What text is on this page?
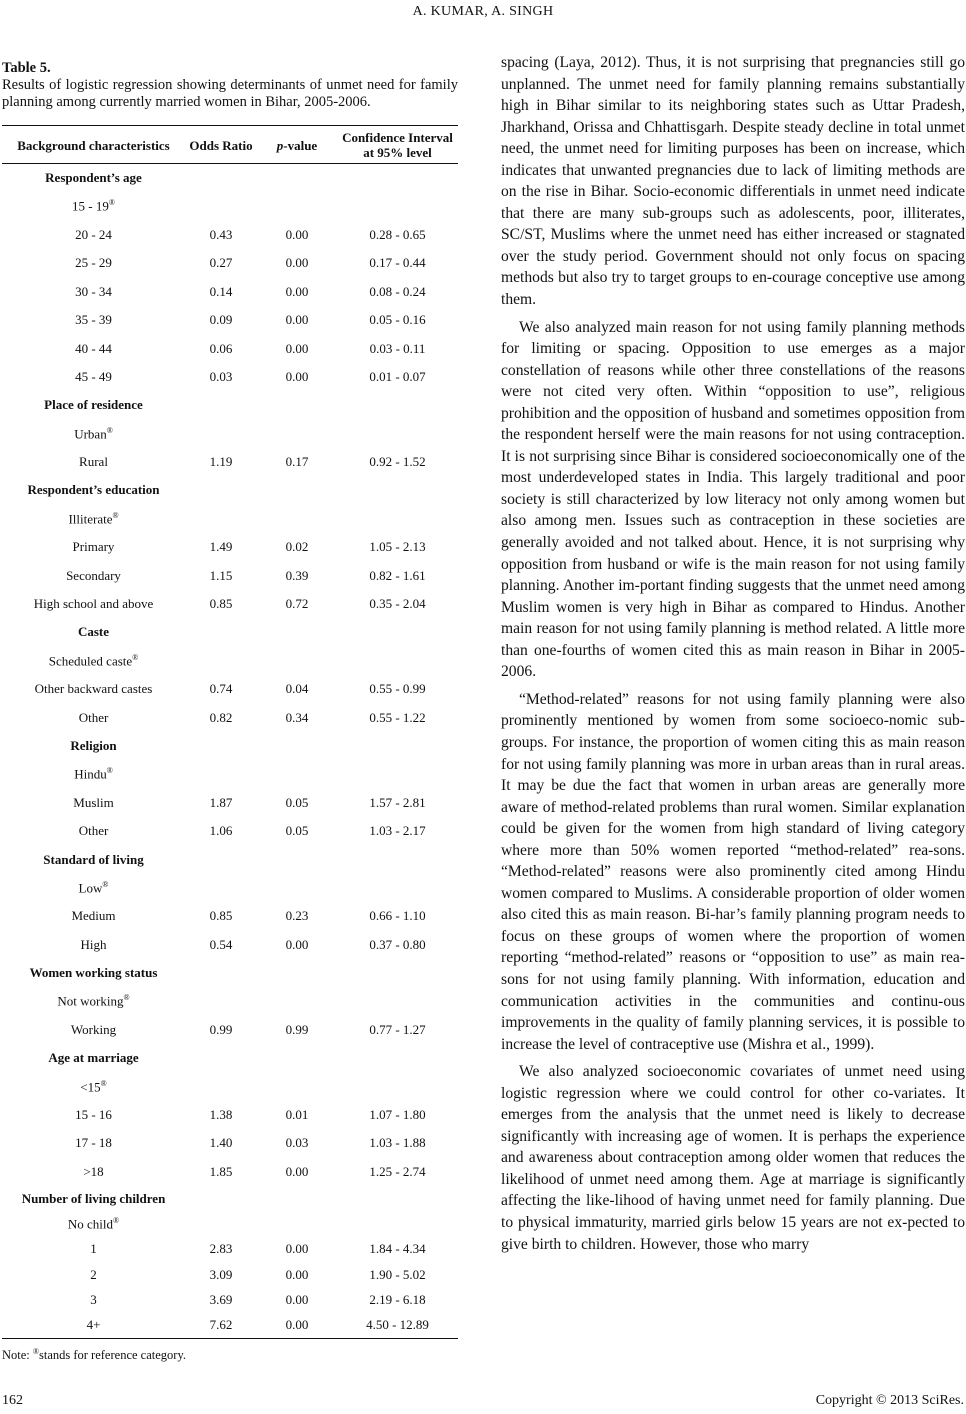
A. KUMAR, A. SINGH
Table 5.
Results of logistic regression showing determinants of unmet need for family planning among currently married women in Bihar, 2005-2006.
Background characteristics	Odds Ratio	p-value	Confidence Interval at 95% level
Respondent’s age			
15 - 19®			
20 - 24	0.43	0.00	0.28 - 0.65
25 - 29	0.27	0.00	0.17 - 0.44
30 - 34	0.14	0.00	0.08 - 0.24
35 - 39	0.09	0.00	0.05 - 0.16
40 - 44	0.06	0.00	0.03 - 0.11
45 - 49	0.03	0.00	0.01 - 0.07
Place of residence			
Urban®			
Rural	1.19	0.17	0.92 - 1.52
Respondent’s education			
Illiterate®			
Primary	1.49	0.02	1.05 - 2.13
Secondary	1.15	0.39	0.82 - 1.61
High school and above	0.85	0.72	0.35 - 2.04
Caste			
Scheduled caste®			
Other backward castes	0.74	0.04	0.55 - 0.99
Other	0.82	0.34	0.55 - 1.22
Religion			
Hindu®			
Muslim	1.87	0.05	1.57 - 2.81
Other	1.06	0.05	1.03 - 2.17
Standard of living			
Low®			
Medium	0.85	0.23	0.66 - 1.10
High	0.54	0.00	0.37 - 0.80
Women working status			
Not working®			
Working	0.99	0.99	0.77 - 1.27
Age at marriage			
<15®			
15 - 16	1.38	0.01	1.07 - 1.80
17 - 18	1.40	0.03	1.03 - 1.88
>18	1.85	0.00	1.25 - 2.74
Number of living children			
No child®			
1	2.83	0.00	1.84 - 4.34
2	3.09	0.00	1.90 - 5.02
3	3.69	0.00	2.19 - 6.18
4+	7.62	0.00	4.50 - 12.89
Note: ®stands for reference category.

spacing (Laya, 2012). Thus, it is not surprising that pregnancies still go unplanned. The unmet need for family planning remains substantially high in Bihar similar to its neighboring states such as Uttar Pradesh, Jharkhand, Orissa and Chhattisgarh. Despite steady decline in total unmet need, the unmet need for limiting purposes has been on increase, which indicates that unwanted pregnancies due to lack of limiting methods are on the rise in Bihar. Socio-economic differentials in unmet need indicate that there are many sub-groups such as adolescents, poor, illiterates, SC/ST, Muslims where the unmet need has either increased or stagnated over the study period. Government should not only focus on spacing methods but also try to target groups to en-courage conceptive use among them.

We also analyzed main reason for not using family planning methods for limiting or spacing. Opposition to use emerges as a major constellation of reasons while other three constellations of the reasons were not cited very often. Within “opposition to use”, religious prohibition and the opposition of husband and sometimes opposition from the respondent herself were the main reasons for not using contraception. It is not surprising since Bihar is considered socioeconomically one of the most underdeveloped states in India. This largely traditional and poor society is still characterized by low literacy not only among women but also among men. Issues such as contraception in these societies are generally avoided and not talked about. Hence, it is not surprising why opposition from husband or wife is the main reason for not using family planning. Another im-portant finding suggests that the unmet need among Muslim women is very high in Bihar as compared to Hindus. Another main reason for not using family planning is method related. A little more than one-fourths of women cited this as main reason in Bihar in 2005-2006.

“Method-related” reasons for not using family planning were also prominently mentioned by women from some socioeco-nomic sub-groups. For instance, the proportion of women citing this as main reason for not using family planning was more in urban areas than in rural areas. It may be due the fact that women in urban areas are generally more aware of method-related problems than rural women. Similar explanation could be given for the women from high standard of living category where more than 50% women reported “method-related” rea-sons. “Method-related” reasons were also prominently cited among Hindu women compared to Muslims. A considerable proportion of older women also cited this as main reason. Bi-har’s family planning program needs to focus on these groups of women where the proportion of women reporting “method-related” reasons or “opposition to use” as main rea-sons for not using family planning. With information, education and communication activities in the communities and continu-ous improvements in the quality of family planning services, it is possible to increase the level of contraceptive use (Mishra et al., 1999).

We also analyzed socioeconomic covariates of unmet need using logistic regression where we could control for other co-variates. It emerges from the analysis that the unmet need is likely to decrease significantly with increasing age of women. It is perhaps the experience and awareness about contraception among older women that reduces the likelihood of unmet need among them. Age at marriage is significantly affecting the like-lihood of having unmet need for family planning. Due to physical immaturity, married girls below 15 years are not ex-pected to give birth to children. However, those who marry

162	Copyright © 2013 SciRes.
